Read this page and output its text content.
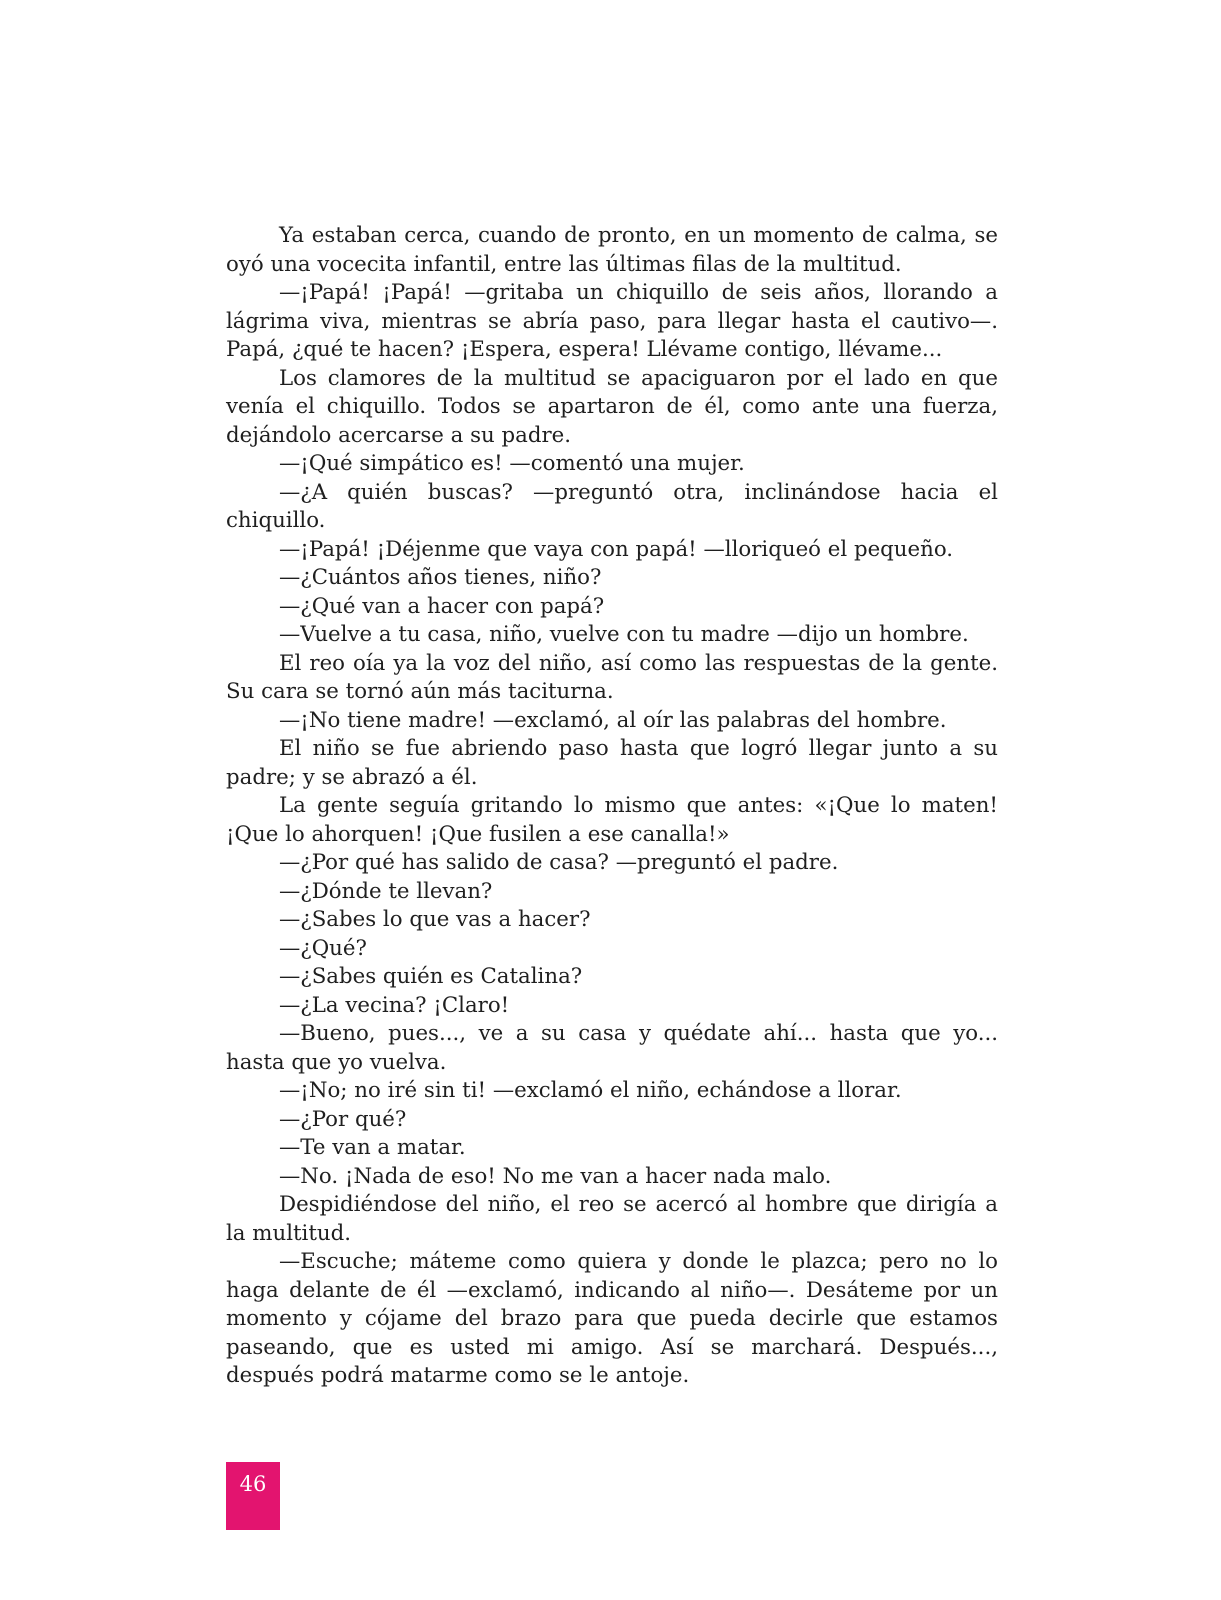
Ya estaban cerca, cuando de pronto, en un momento de calma, se oyó una vocecita infantil, entre las últimas filas de la multitud.

—¡Papá! ¡Papá! —gritaba un chiquillo de seis años, llorando a lágrima viva, mientras se abría paso, para llegar hasta el cautivo—. Papá, ¿qué te hacen? ¡Espera, espera! Llévame contigo, llévame...

Los clamores de la multitud se apaciguaron por el lado en que venía el chiquillo. Todos se apartaron de él, como ante una fuerza, dejándolo acercarse a su padre.

—¡Qué simpático es! —comentó una mujer.

—¿A quién buscas? —preguntó otra, inclinándose hacia el chiquillo.

—¡Papá! ¡Déjenme que vaya con papá! —lloriqueó el pequeño.

—¿Cuántos años tienes, niño?

—¿Qué van a hacer con papá?

—Vuelve a tu casa, niño, vuelve con tu madre —dijo un hombre.

El reo oía ya la voz del niño, así como las respuestas de la gente. Su cara se tornó aún más taciturna.

—¡No tiene madre! —exclamó, al oír las palabras del hombre.

El niño se fue abriendo paso hasta que logró llegar junto a su padre; y se abrazó a él.

La gente seguía gritando lo mismo que antes: «¡Que lo maten! ¡Que lo ahorquen! ¡Que fusilen a ese canalla!»

—¿Por qué has salido de casa? —preguntó el padre.

—¿Dónde te llevan?

—¿Sabes lo que vas a hacer?

—¿Qué?

—¿Sabes quién es Catalina?

—¿La vecina? ¡Claro!

—Bueno, pues..., ve a su casa y quédate ahí... hasta que yo... hasta que yo vuelva.

—¡No; no iré sin ti! —exclamó el niño, echándose a llorar.

—¿Por qué?

—Te van a matar.

—No. ¡Nada de eso! No me van a hacer nada malo.

Despidiéndose del niño, el reo se acercó al hombre que dirigía a la multitud.

—Escuche; máteme como quiera y donde le plazca; pero no lo haga delante de él —exclamó, indicando al niño—. Desáteme por un momento y cójame del brazo para que pueda decirle que estamos paseando, que es usted mi amigo. Así se marchará. Después..., después podrá matarme como se le antoje.

46
